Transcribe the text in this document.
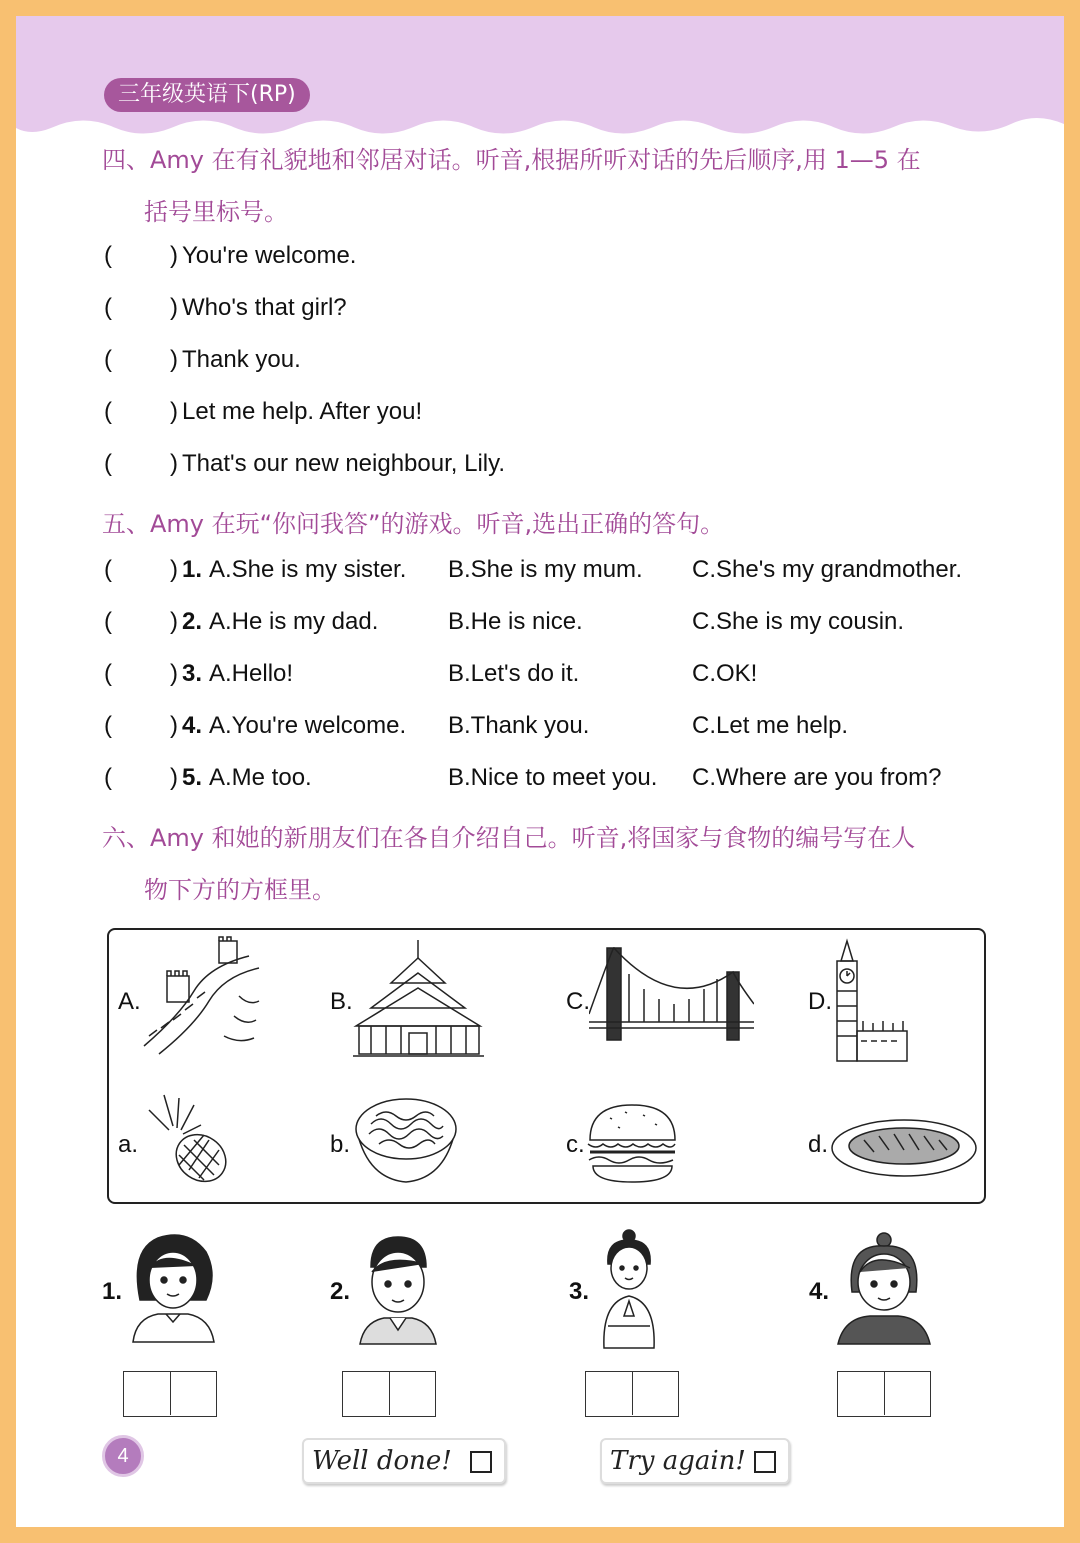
三年级英语下(RP)
四、Amy 在有礼貌地和邻居对话。听音,根据所听对话的先后顺序,用 1—5 在
括号里标号。
( ) You're welcome.
( ) Who's that girl?
( ) Thank you.
( ) Let me help. After you!
( ) That's our new neighbour, Lily.
五、Amy 在玩“你问我答”的游戏。听音,选出正确的答句。
( ) 1. A.She is my sister. B.She is my mum. C.She's my grandmother.
( ) 2. A.He is my dad.	B.He is nice.	C.She is my cousin.
( ) 3. A.Hello!	B.Let's do it.	C.OK!
( ) 4. A.You're welcome. B.Thank you.	C.Let me help.
( ) 5. A.Me too.	B.Nice to meet you. C.Where are you from?
六、Amy 和她的新朋友们在各自介绍自己。听音,将国家与食物的编号写在人
物下方的方框里。
A.	B.	C.	D.
a.	b.	c.	d.
1.	2.	3.	4.
4	Well done!	Try again!
